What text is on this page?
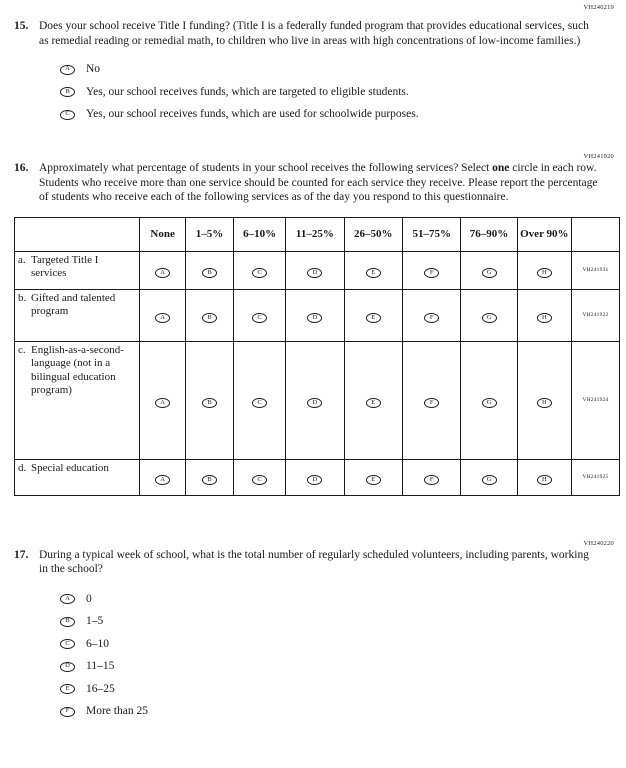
VH240219
15. Does your school receive Title I funding? (Title I is a federally funded program that provides educational services, such as remedial reading or remedial math, to children who live in areas with high concentrations of low-income families.)
A	No
B	Yes, our school receives funds, which are targeted to eligible students.
C	Yes, our school receives funds, which are used for schoolwide purposes.
VH241920
16. Approximately what percentage of students in your school receives the following services? Select one circle in each row. Students who receive more than one service should be counted for each service they receive. Please report the percentage of students who receive each of the following services as of the day you respond to this questionnaire.
	None	1–5%	6–10%	11–25%	26–50%	51–75%	76–90%	Over 90%	
a. Targeted Title I services	A	B	C	D	E	F	G	H	VH241931
b. Gifted and talented program	A	B	C	D	E	F	G	H	VH241922
c. English-as-a-second-language (not in a bilingual education program)	A	B	C	D	E	F	G	H	VH241924
d. Special education	A	B	C	D	E	F	G	H	VH241925
VH240220
17. During a typical week of school, what is the total number of regularly scheduled volunteers, including parents, working in the school?
A	0
B	1–5
C	6–10
D	11–15
E	16–25
F	More than 25
